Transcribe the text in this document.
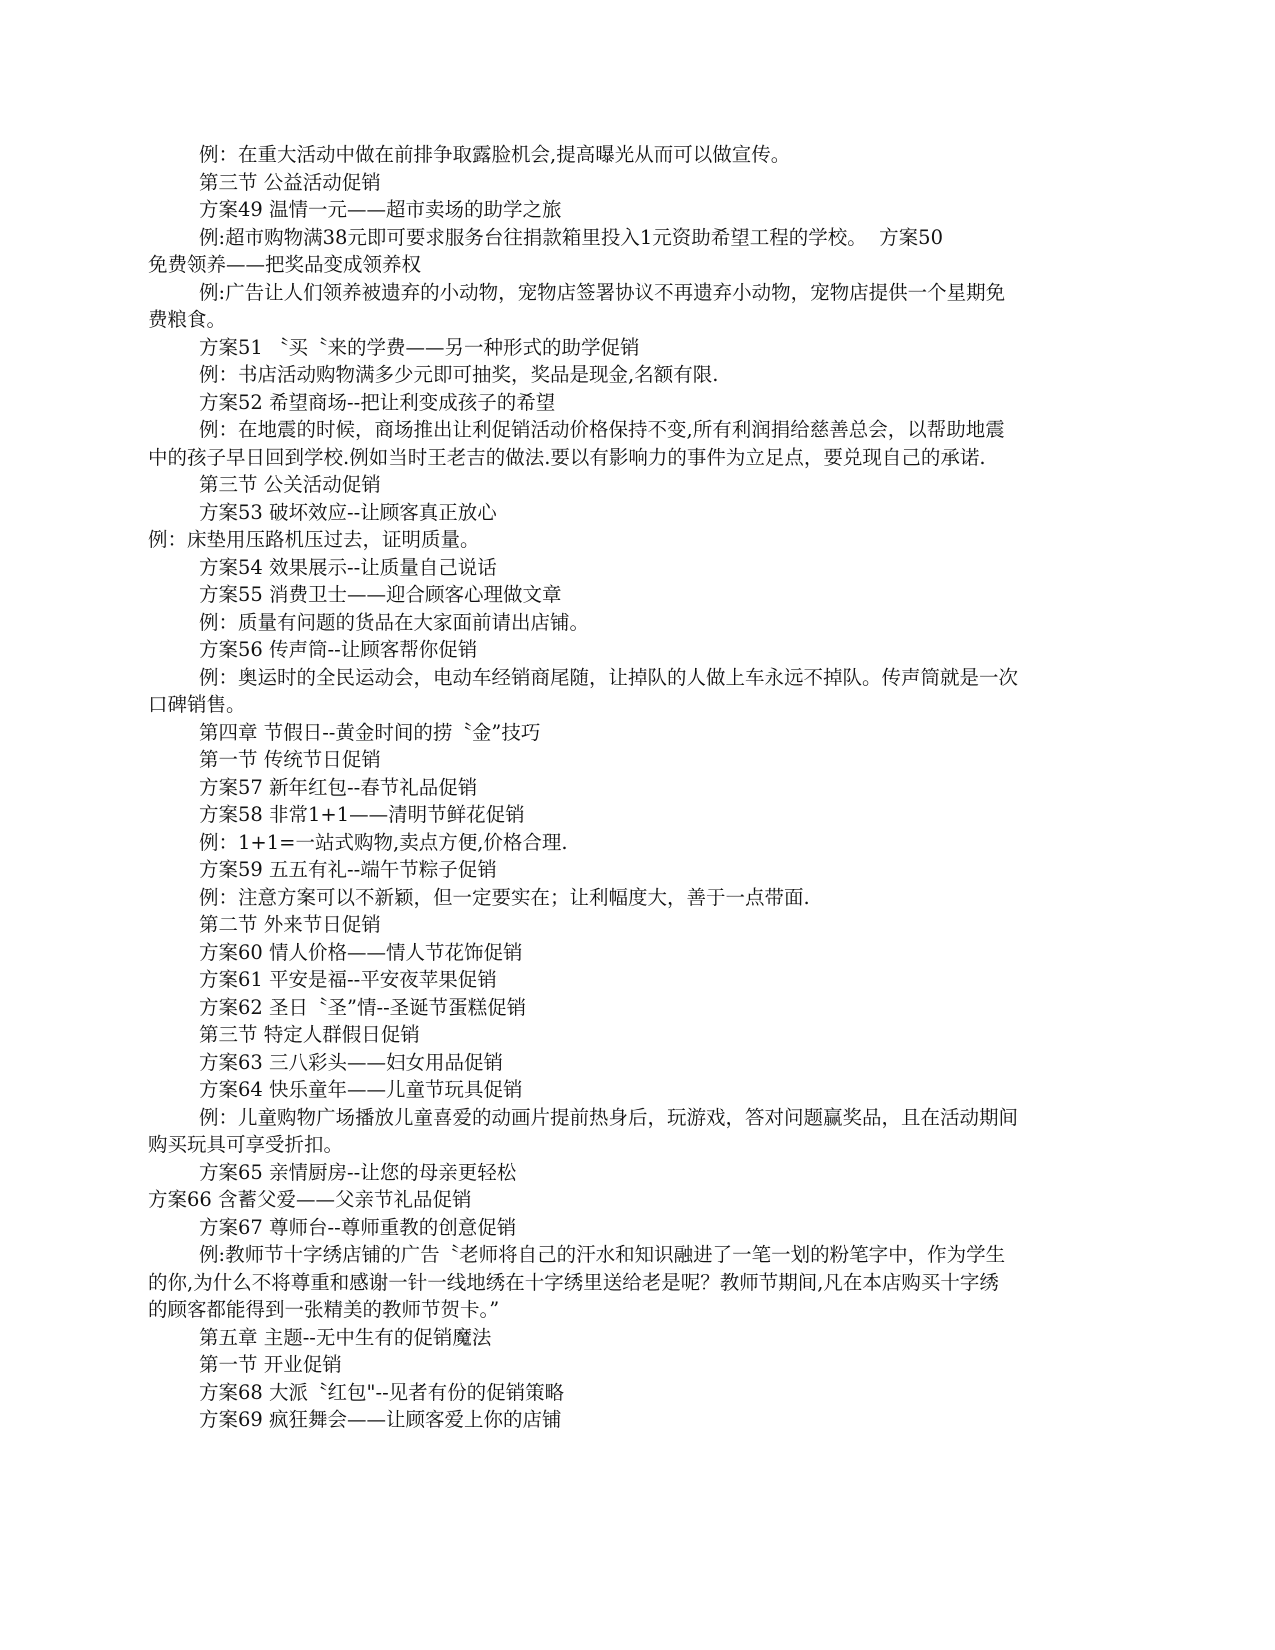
例：在重大活动中做在前排争取露脸机会,提高曝光从而可以做宣传。
第三节 公益活动促销
方案49 温情一元——超市卖场的助学之旅
例:超市购物满38元即可要求服务台往捐款箱里投入1元资助希望工程的学校。  方案50
免费领养——把奖品变成领养权
例:广告让人们领养被遗弃的小动物，宠物店签署协议不再遗弃小动物，宠物店提供一个星期免
费粮食。
方案51 〝买〝来的学费——另一种形式的助学促销
例：书店活动购物满多少元即可抽奖，奖品是现金,名额有限.
方案52 希望商场--把让利变成孩子的希望
例：在地震的时候，商场推出让利促销活动价格保持不变,所有利润捐给慈善总会，以帮助地震
中的孩子早日回到学校.例如当时王老吉的做法.要以有影响力的事件为立足点，要兑现自己的承诺.
第三节 公关活动促销
方案53 破坏效应--让顾客真正放心
例：床垫用压路机压过去，证明质量。
方案54 效果展示--让质量自己说话
方案55 消费卫士——迎合顾客心理做文章
例：质量有问题的货品在大家面前请出店铺。
方案56 传声筒--让顾客帮你促销
例：奥运时的全民运动会，电动车经销商尾随，让掉队的人做上车永远不掉队。传声筒就是一次
口碑销售。
第四章 节假日--黄金时间的捞〝金”技巧
第一节 传统节日促销
方案57 新年红包--春节礼品促销
方案58 非常1+1——清明节鲜花促销
例：1+1=一站式购物,卖点方便,价格合理.
方案59 五五有礼--端午节粽子促销
例：注意方案可以不新颖，但一定要实在；让利幅度大，善于一点带面.
第二节 外来节日促销
方案60 情人价格——情人节花饰促销
方案61 平安是福--平安夜苹果促销
方案62 圣日〝圣”情--圣诞节蛋糕促销
第三节 特定人群假日促销
方案63 三八彩头——妇女用品促销
方案64 快乐童年——儿童节玩具促销
例：儿童购物广场播放儿童喜爱的动画片提前热身后，玩游戏，答对问题赢奖品，且在活动期间
购买玩具可享受折扣。
方案65 亲情厨房--让您的母亲更轻松
方案66 含蓄父爱——父亲节礼品促销
方案67 尊师台--尊师重教的创意促销
例:教师节十字绣店铺的广告〝老师将自己的汗水和知识融进了一笔一划的粉笔字中，作为学生
的你,为什么不将尊重和感谢一针一线地绣在十字绣里送给老是呢？教师节期间,凡在本店购买十字绣
的顾客都能得到一张精美的教师节贺卡。”
第五章 主题--无中生有的促销魔法
第一节 开业促销
方案68 大派〝红包"--见者有份的促销策略
方案69 疯狂舞会——让顾客爱上你的店铺
